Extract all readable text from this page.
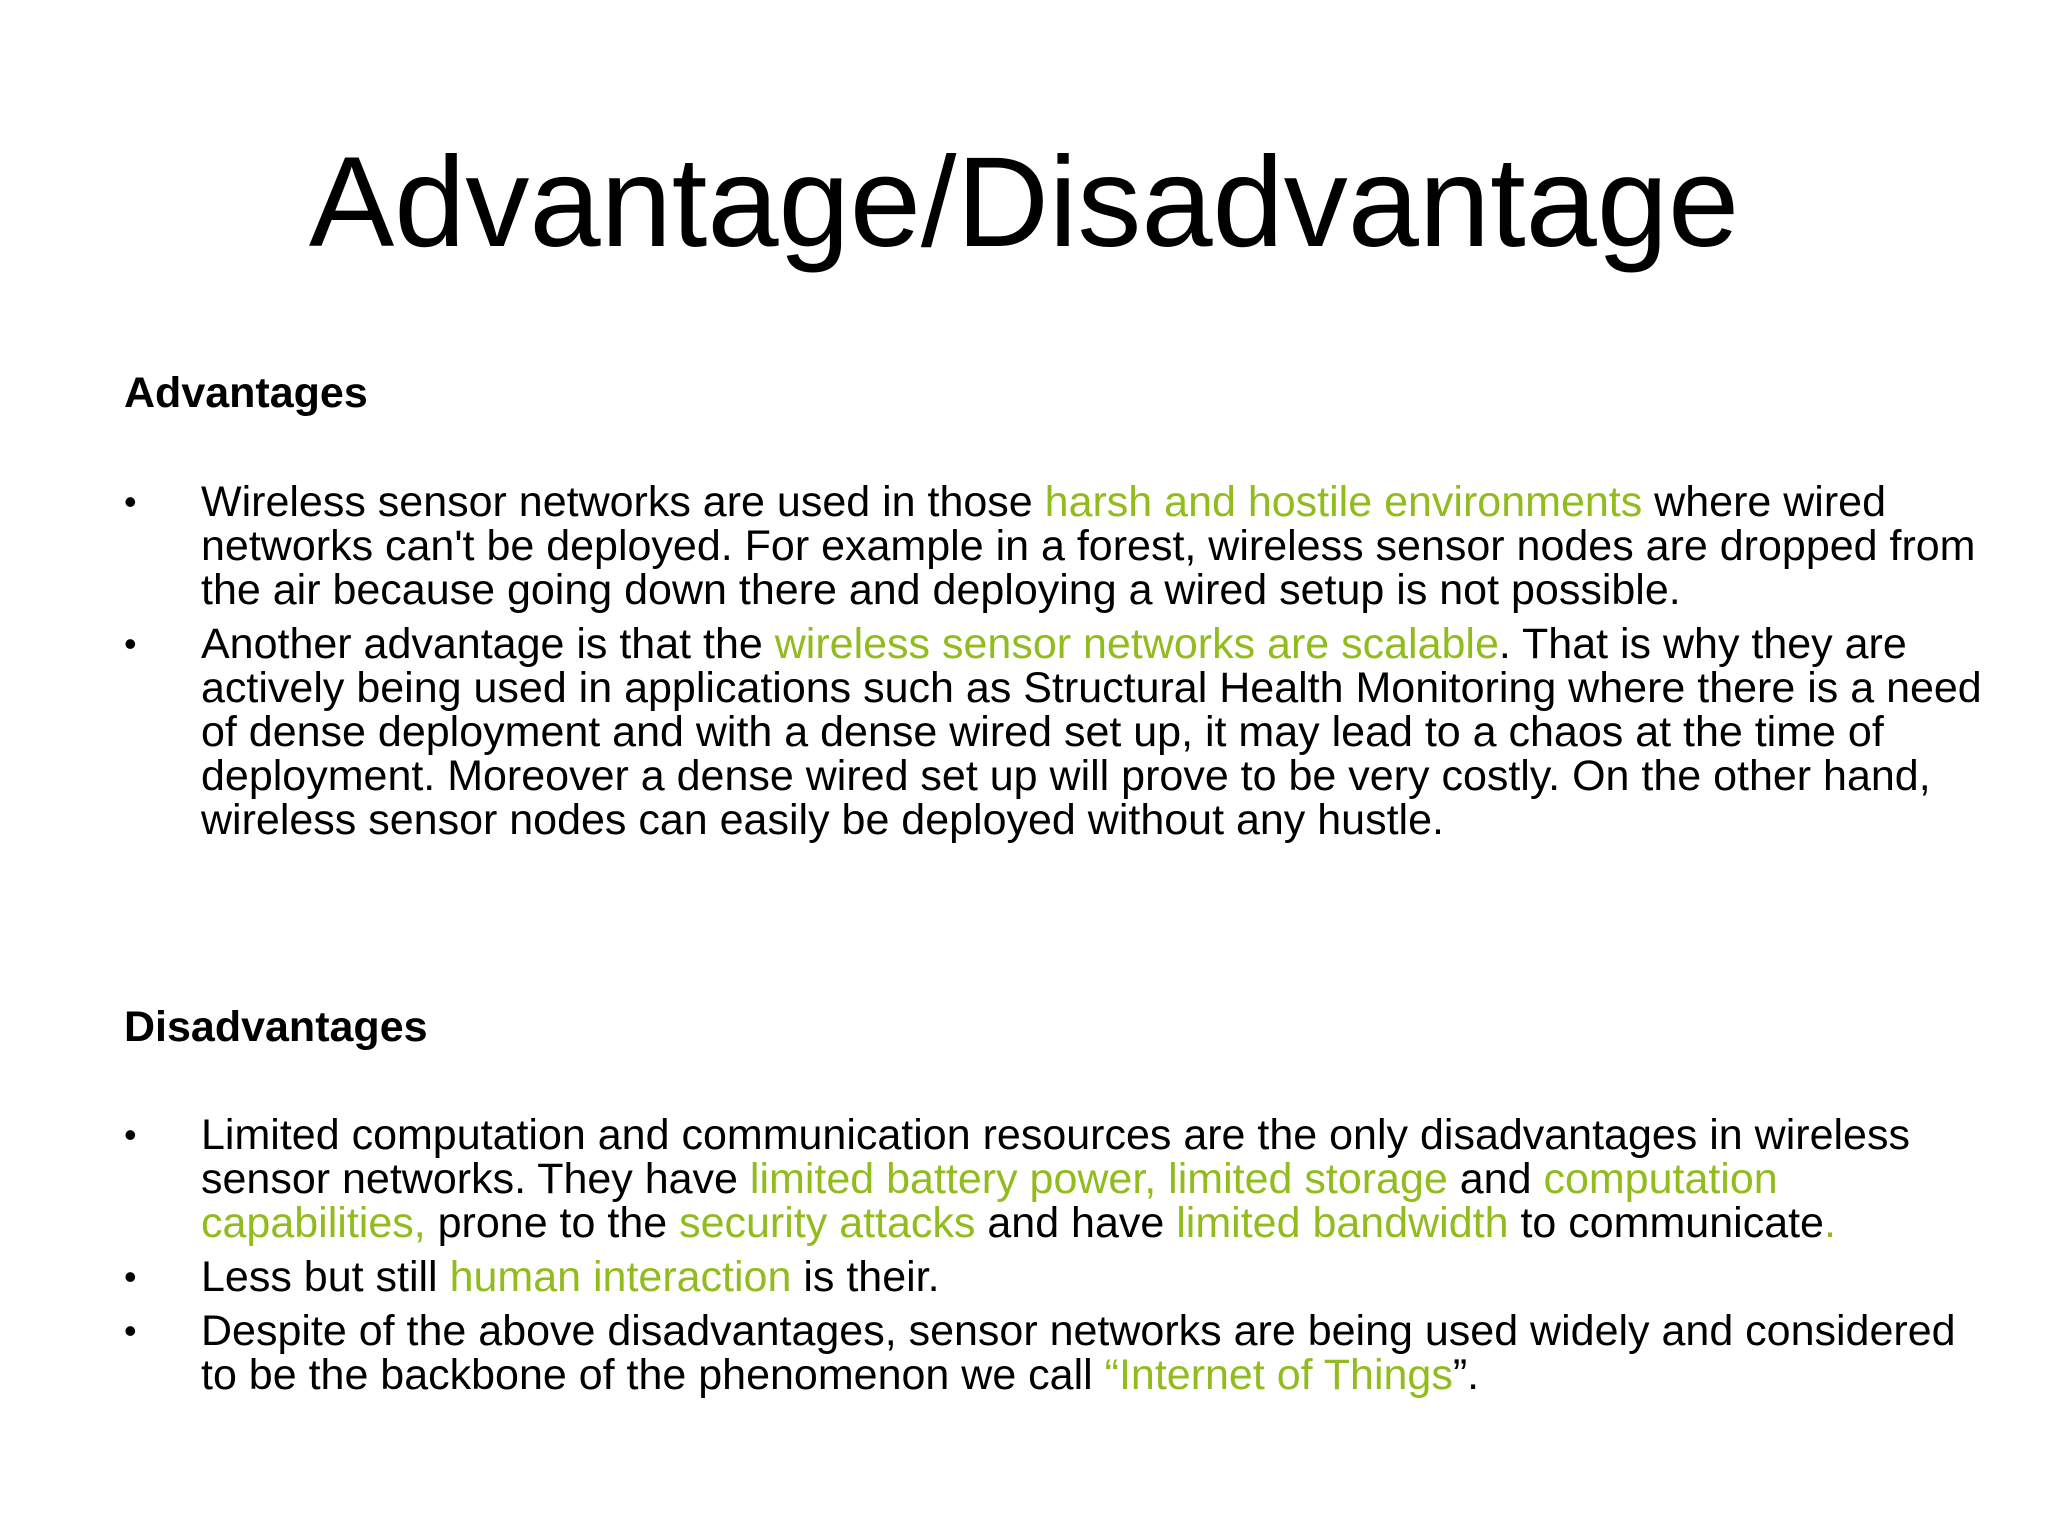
Advantage/Disadvantage
Advantages
•	Wireless sensor networks are used in those harsh and hostile environments where wired networks can't be deployed. For example in a forest, wireless sensor nodes are dropped from the air because going down there and deploying a wired setup is not possible.
•	Another advantage is that the wireless sensor networks are scalable. That is why they are actively being used in applications such as Structural Health Monitoring where there is a need of dense deployment and with a dense wired set up, it may lead to a chaos at the time of deployment. Moreover a dense wired set up will prove to be very costly. On the other hand, wireless sensor nodes can easily be deployed without any hustle.
Disadvantages
•	Limited computation and communication resources are the only disadvantages in wireless sensor networks. They have limited battery power, limited storage and computation capabilities, prone to the security attacks and have limited bandwidth to communicate.
•	Less but still human interaction is their.
•	Despite of the above disadvantages, sensor networks are being used widely and considered to be the backbone of the phenomenon we call “Internet of Things”.
